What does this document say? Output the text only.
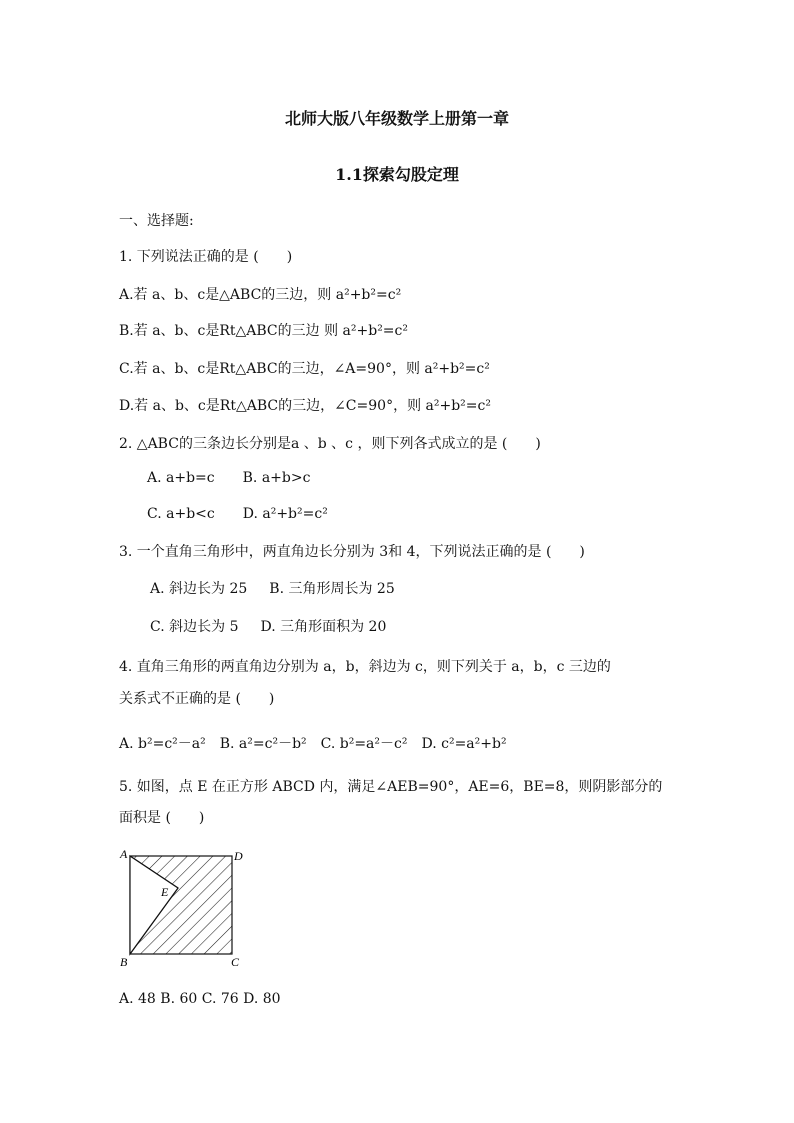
北师大版八年级数学上册第一章
1.1探索勾股定理
一、选择题:
1. 下列说法正确的是 (　　)
A.若 a、b、c是△ABC的三边，则 a²+b²=c²
B.若 a、b、c是Rt△ABC的三边 则 a²+b²=c²
C.若 a、b、c是Rt△ABC的三边，∠A=90°，则 a²+b²=c²
D.若 a、b、c是Rt△ABC的三边，∠C=90°，则 a²+b²=c²
2. △ABC的三条边长分别是a 、b 、c ，则下列各式成立的是 (　　)
A. a+b=c B. a+b>c
C. a+b<c D. a²+b²=c²
3. 一个直角三角形中，两直角边长分别为 3和 4，下列说法正确的是 (　　)
A. 斜边长为 25 B. 三角形周长为 25
C. 斜边长为 5 D. 三角形面积为 20
4. 直角三角形的两直角边分别为 a，b，斜边为 c，则下列关于 a，b，c 三边的
关系式不正确的是 (　　)
A. b²=c²－a² B. a²=c²－b² C. b²=a²－c² D. c²=a²+b²
5. 如图，点 E 在正方形 ABCD 内，满足∠AEB=90°，AE=6，BE=8，则阴影部分的
面积是 (　　)
A	D
E
B	C
A. 48 B. 60 C. 76 D. 80
